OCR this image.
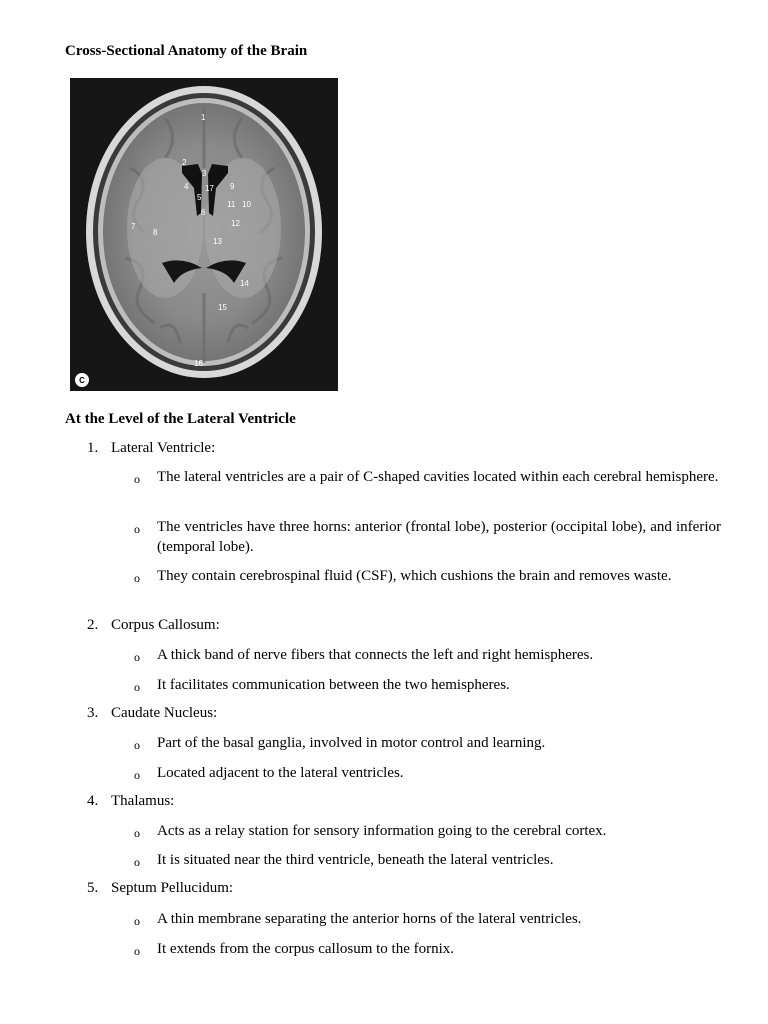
Cross-Sectional Anatomy of the Brain
1
2
3
4
5
6
7
8
9
10
11
12
13
14
15
16
17
C
At the Level of the Lateral Ventricle
1. Lateral Ventricle:
o The lateral ventricles are a pair of C-shaped cavities located within each cerebral hemisphere.
o The ventricles have three horns: anterior (frontal lobe), posterior (occipital lobe), and inferior (temporal lobe).
o They contain cerebrospinal fluid (CSF), which cushions the brain and removes waste.
2. Corpus Callosum:
o A thick band of nerve fibers that connects the left and right hemispheres.
o It facilitates communication between the two hemispheres.
3. Caudate Nucleus:
o Part of the basal ganglia, involved in motor control and learning.
o Located adjacent to the lateral ventricles.
4. Thalamus:
o Acts as a relay station for sensory information going to the cerebral cortex.
o It is situated near the third ventricle, beneath the lateral ventricles.
5. Septum Pellucidum:
o A thin membrane separating the anterior horns of the lateral ventricles.
o It extends from the corpus callosum to the fornix.
